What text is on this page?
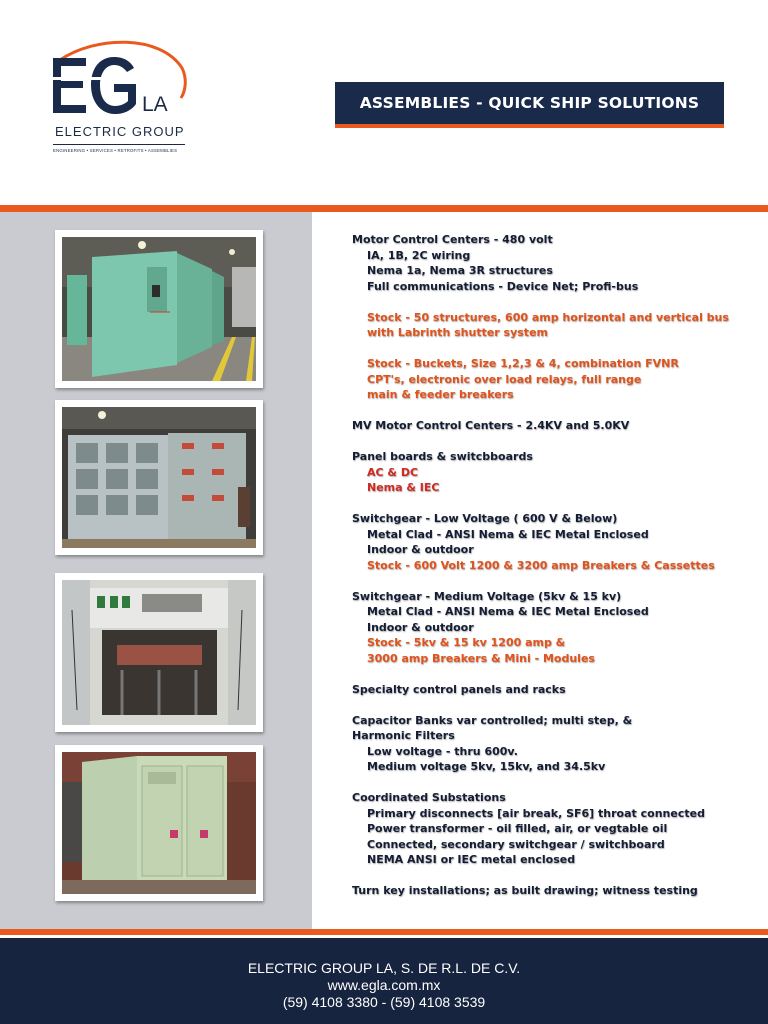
LA
ELECTRIC GROUP
ENGINEERING • SERVICES • RETROFITS • ASSEMBLIES
ASSEMBLIES - QUICK SHIP SOLUTIONS

Motor Control Centers - 480 volt

IA, 1B, 2C wiring

Nema 1a, Nema 3R structures

Full communications - Device Net; Profi-bus

Stock - 50 structures, 600 amp horizontal and vertical bus

with Labrinth shutter system

Stock - Buckets, Size 1,2,3 & 4, combination FVNR

CPT's, electronic over load relays, full range

main & feeder breakers

MV Motor Control Centers - 2.4KV and 5.0KV

Panel boards & switcbboards

AC & DC

Nema & IEC

Switchgear - Low Voltage ( 600 V & Below)

Metal Clad - ANSI Nema & IEC Metal Enclosed

Indoor & outdoor

Stock - 600 Volt 1200 & 3200 amp Breakers & Cassettes

Switchgear - Medium Voltage (5kv & 15 kv)

Metal Clad - ANSI Nema & IEC Metal Enclosed

Indoor & outdoor

Stock - 5kv & 15 kv 1200 amp &

3000 amp Breakers & Mini - Modules

Specialty control panels and racks

Capacitor Banks var controlled; multi step, &

Harmonic Filters

Low voltage - thru 600v.

Medium voltage 5kv, 15kv, and 34.5kv

Coordinated Substations

Primary disconnects [air break, SF6] throat connected

Power transformer - oil filled, air, or vegtable oil

Connected, secondary switchgear / switchboard

NEMA ANSI or IEC metal enclosed

Turn key installations; as built drawing; witness testing

ELECTRIC GROUP LA, S. DE R.L. DE C.V.
www.egla.com.mx
(59) 4108 3380 - (59) 4108 3539
